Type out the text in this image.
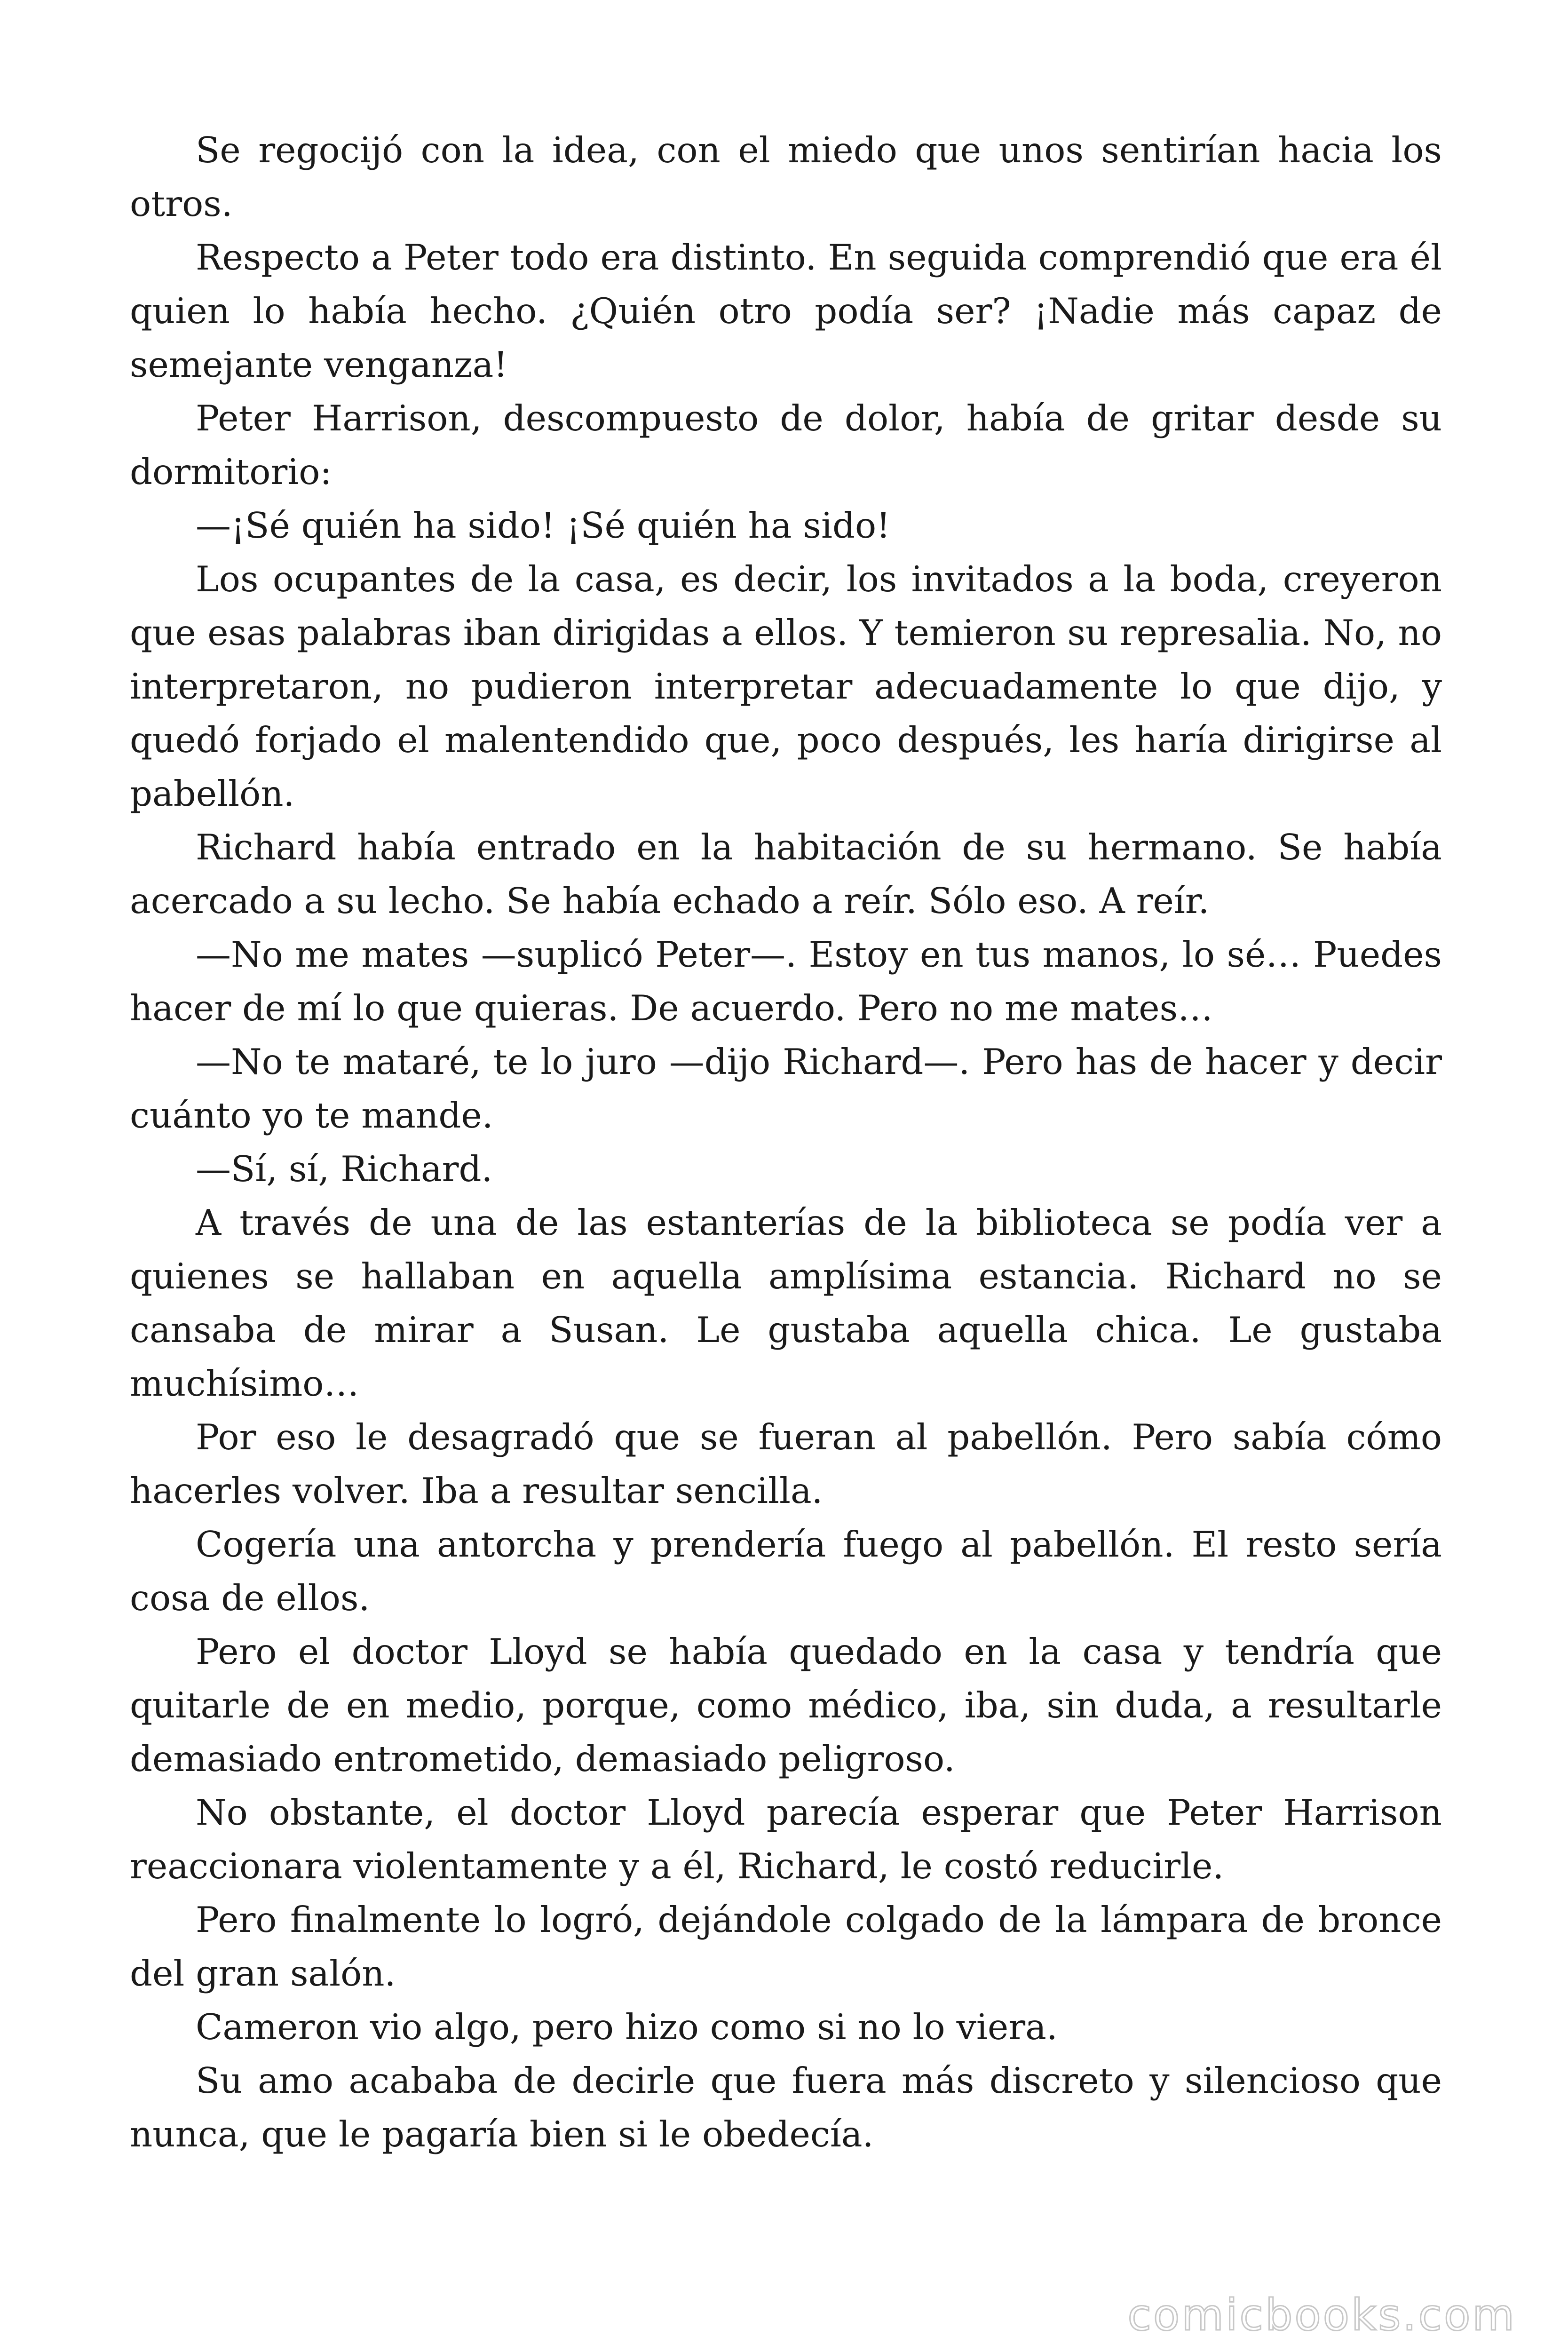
Se regocijó con la idea, con el miedo que unos sentirían hacia los otros.

Respecto a Peter todo era distinto. En seguida comprendió que era él quien lo había hecho. ¿Quién otro podía ser? ¡Nadie más capaz de semejante venganza!

Peter Harrison, descompuesto de dolor, había de gritar desde su dormitorio:

—¡Sé quién ha sido! ¡Sé quién ha sido!

Los ocupantes de la casa, es decir, los invitados a la boda, creyeron que esas palabras iban dirigidas a ellos. Y temieron su represalia. No, no interpretaron, no pudieron interpretar adecuadamente lo que dijo, y quedó forjado el malentendido que, poco después, les haría dirigirse al pabellón.

Richard había entrado en la habitación de su hermano. Se había acercado a su lecho. Se había echado a reír. Sólo eso. A reír.

—No me mates —suplicó Peter—. Estoy en tus manos, lo sé… Puedes hacer de mí lo que quieras. De acuerdo. Pero no me mates…

—No te mataré, te lo juro —dijo Richard—. Pero has de hacer y decir cuánto yo te mande.

—Sí, sí, Richard.

A través de una de las estanterías de la biblioteca se podía ver a quienes se hallaban en aquella amplísima estancia. Richard no se cansaba de mirar a Susan. Le gustaba aquella chica. Le gustaba muchísimo…

Por eso le desagradó que se fueran al pabellón. Pero sabía cómo hacerles volver. Iba a resultar sencilla.

Cogería una antorcha y prendería fuego al pabellón. El resto sería cosa de ellos.

Pero el doctor Lloyd se había quedado en la casa y tendría que quitarle de en medio, porque, como médico, iba, sin duda, a resultarle demasiado entrometido, demasiado peligroso.

No obstante, el doctor Lloyd parecía esperar que Peter Harrison reaccionara violentamente y a él, Richard, le costó reducirle.

Pero finalmente lo logró, dejándole colgado de la lámpara de bronce del gran salón.

Cameron vio algo, pero hizo como si no lo viera.

Su amo acababa de decirle que fuera más discreto y silencioso que nunca, que le pagaría bien si le obedecía.

comicbooks.com
